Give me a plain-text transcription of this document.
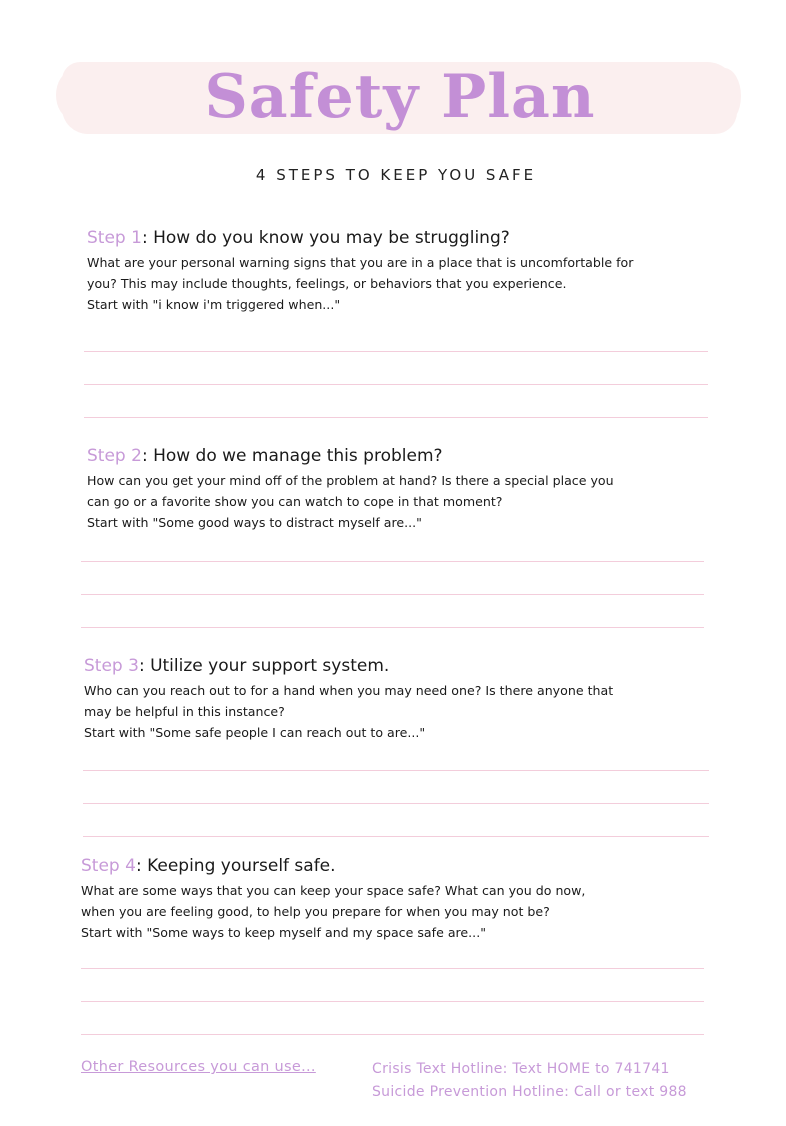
Safety Plan
4 STEPS TO KEEP YOU SAFE

Step 1: How do you know you may be struggling?

What are your personal warning signs that you are in a place that is uncomfortable for

you? This may include thoughts, feelings, or behaviors that you experience.

Start with "i know i'm triggered when..."

Step 2: How do we manage this problem?

How can you get your mind off of the problem at hand? Is there a special place you

can go or a favorite show you can watch to cope in that moment?

Start with "Some good ways to distract myself are..."

Step 3: Utilize your support system.

Who can you reach out to for a hand when you may need one? Is there anyone that

may be helpful in this instance?

Start with "Some safe people I can reach out to are..."

Step 4: Keeping yourself safe.

What are some ways that you can keep your space safe? What can you do now,

when you are feeling good, to help you prepare for when you may not be?

Start with "Some ways to keep myself and my space safe are..."

Other Resources you can use...	Crisis Text Hotline: Text HOME to 741741
Suicide Prevention Hotline: Call or text 988
